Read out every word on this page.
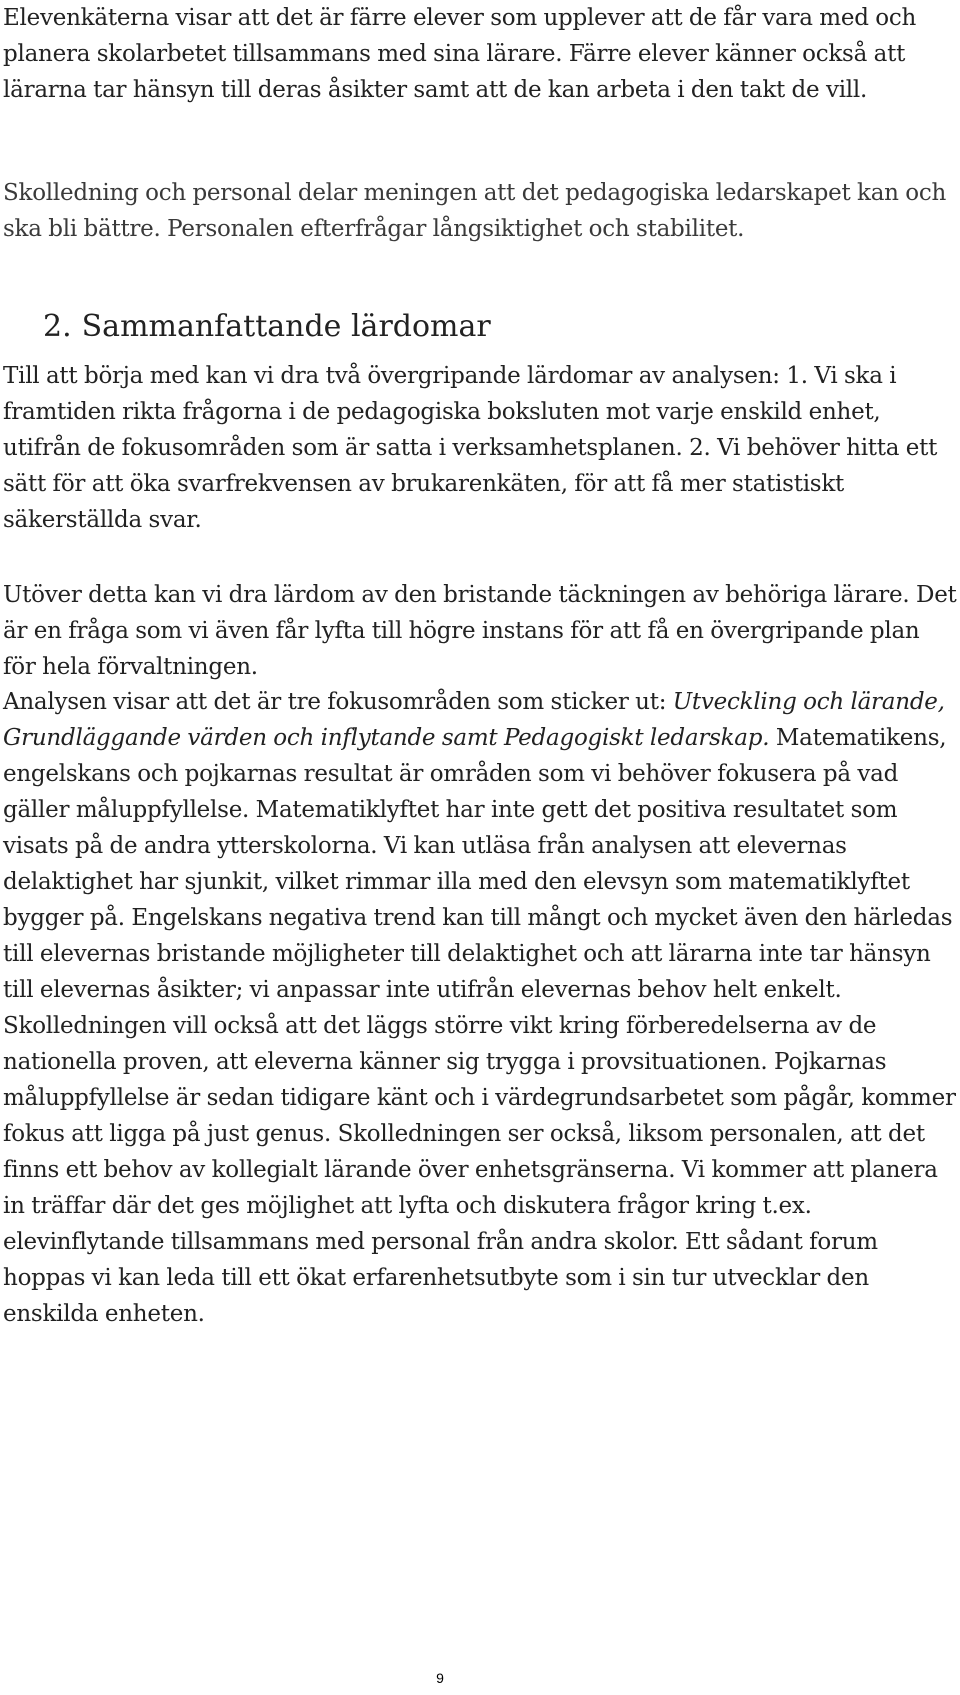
Elevenkäterna visar att det är färre elever som upplever att de får vara med och planera skolarbetet tillsammans med sina lärare. Färre elever känner också att lärarna tar hänsyn till deras åsikter samt att de kan arbeta i den takt de vill.

Skolledning och personal delar meningen att det pedagogiska ledarskapet kan och ska bli bättre. Personalen efterfrågar långsiktighet och stabilitet.

2. Sammanfattande lärdomar

Till att börja med kan vi dra två övergripande lärdomar av analysen: 1. Vi ska i framtiden rikta frågorna i de pedagogiska boksluten mot varje enskild enhet, utifrån de fokusområden som är satta i verksamhetsplanen. 2. Vi behöver hitta ett sätt för att öka svarfrekvensen av brukarenkäten, för att få mer statistiskt säkerställda svar.

Utöver detta kan vi dra lärdom av den bristande täckningen av behöriga lärare. Det är en fråga som vi även får lyfta till högre instans för att få en övergripande plan för hela förvaltningen.

Analysen visar att det är tre fokusområden som sticker ut: Utveckling och lärande, Grundläggande värden och inflytande samt Pedagogiskt ledarskap. Matematikens, engelskans och pojkarnas resultat är områden som vi behöver fokusera på vad gäller måluppfyllelse. Matematiklyftet har inte gett det positiva resultatet som visats på de andra ytterskolorna. Vi kan utläsa från analysen att elevernas delaktighet har sjunkit, vilket rimmar illa med den elevsyn som matematiklyftet bygger på. Engelskans negativa trend kan till mångt och mycket även den härledas till elevernas bristande möjligheter till delaktighet och att lärarna inte tar hänsyn till elevernas åsikter; vi anpassar inte utifrån elevernas behov helt enkelt. Skolledningen vill också att det läggs större vikt kring förberedelserna av de nationella proven, att eleverna känner sig trygga i provsituationen. Pojkarnas måluppfyllelse är sedan tidigare känt och i värdegrundsarbetet som pågår, kommer fokus att ligga på just genus. Skolledningen ser också, liksom personalen, att det finns ett behov av kollegialt lärande över enhetsgränserna. Vi kommer att planera in träffar där det ges möjlighet att lyfta och diskutera frågor kring t.ex. elevinflytande tillsammans med personal från andra skolor. Ett sådant forum hoppas vi kan leda till ett ökat erfarenhetsutbyte som i sin tur utvecklar den enskilda enheten.

9
